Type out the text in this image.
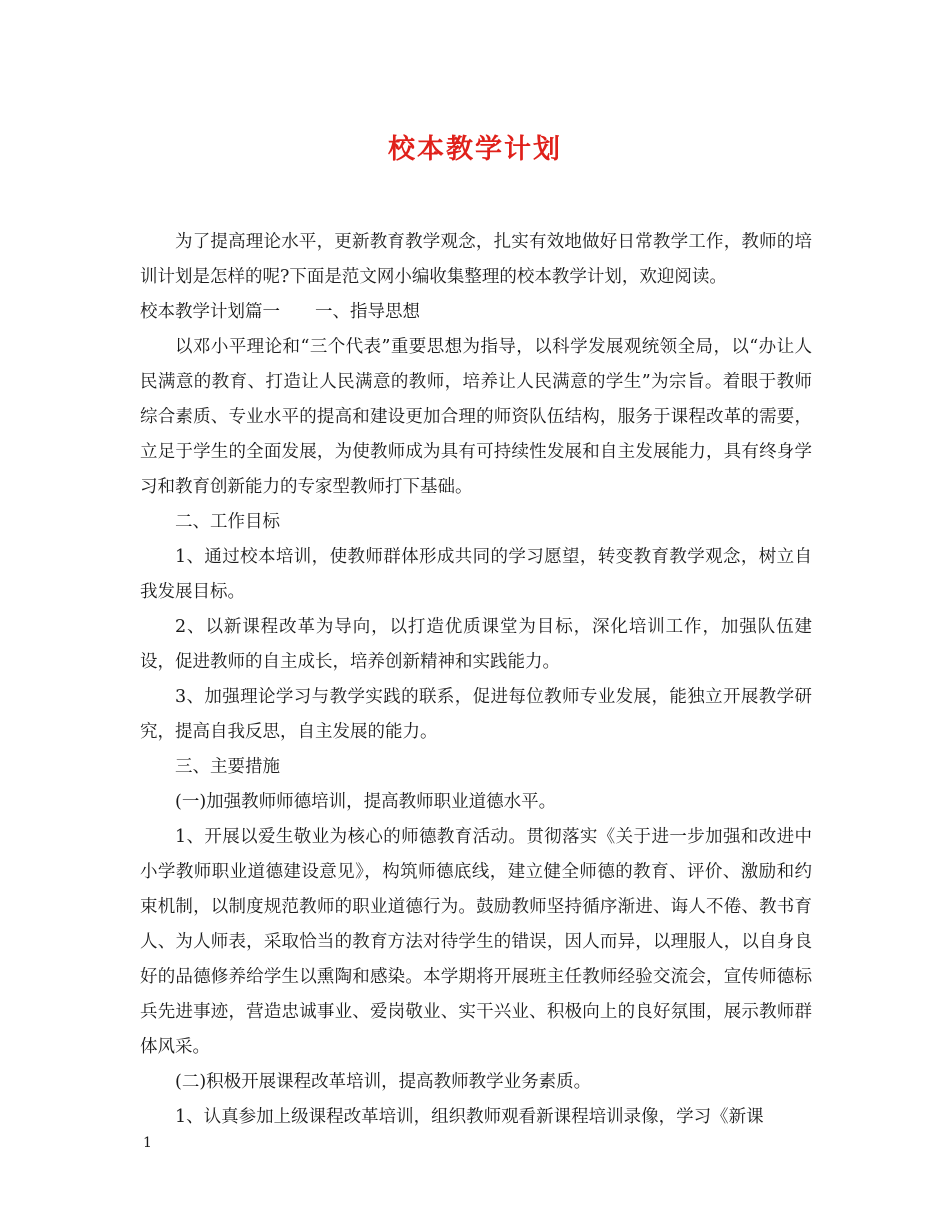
校本教学计划

为了提高理论水平，更新教育教学观念，扎实有效地做好日常教学工作，教师的培训计划是怎样的呢?下面是范文网小编收集整理的校本教学计划，欢迎阅读。

校本教学计划篇一　　一、指导思想

以邓小平理论和“三个代表”重要思想为指导，以科学发展观统领全局，以“办让人民满意的教育、打造让人民满意的教师，培养让人民满意的学生”为宗旨。着眼于教师综合素质、专业水平的提高和建设更加合理的师资队伍结构，服务于课程改革的需要，立足于学生的全面发展，为使教师成为具有可持续性发展和自主发展能力，具有终身学习和教育创新能力的专家型教师打下基础。

二、工作目标

1、通过校本培训，使教师群体形成共同的学习愿望，转变教育教学观念，树立自我发展目标。

2、以新课程改革为导向，以打造优质课堂为目标，深化培训工作，加强队伍建设，促进教师的自主成长，培养创新精神和实践能力。

3、加强理论学习与教学实践的联系，促进每位教师专业发展，能独立开展教学研究，提高自我反思，自主发展的能力。

三、主要措施

(一)加强教师师德培训，提高教师职业道德水平。

1、开展以爱生敬业为核心的师德教育活动。贯彻落实《关于进一步加强和改进中小学教师职业道德建设意见》，构筑师德底线，建立健全师德的教育、评价、激励和约束机制，以制度规范教师的职业道德行为。鼓励教师坚持循序渐进、诲人不倦、教书育人、为人师表，采取恰当的教育方法对待学生的错误，因人而异，以理服人，以自身良好的品德修养给学生以熏陶和感染。本学期将开展班主任教师经验交流会，宣传师德标兵先进事迹，营造忠诚事业、爱岗敬业、实干兴业、积极向上的良好氛围，展示教师群体风采。

(二)积极开展课程改革培训，提高教师教学业务素质。

1、认真参加上级课程改革培训，组织教师观看新课程培训录像，学习《新课

1
